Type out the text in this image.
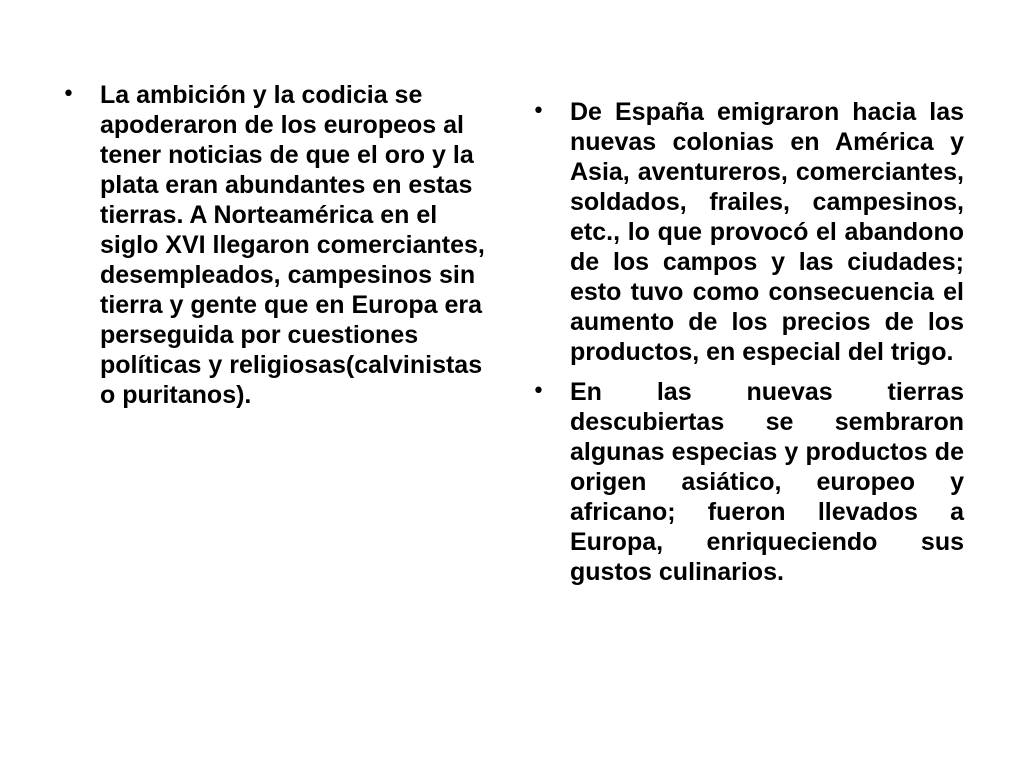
• La ambición y la codicia se apoderaron de los europeos al tener noticias de que el oro y la plata eran abundantes en estas tierras. A Norteamérica en el siglo XVI llegaron comerciantes, desempleados, campesinos sin tierra y gente que en Europa era perseguida por cuestiones políticas y religiosas(calvinistas o puritanos).
• De España emigraron hacia las nuevas colonias en América y Asia, aventureros, comerciantes, soldados, frailes, campesinos, etc., lo que provocó el abandono de los campos y las ciudades; esto tuvo como consecuencia el aumento de los precios de los productos, en especial del trigo.
• En las nuevas tierras descubiertas se sembraron algunas especias y productos de origen asiático, europeo y africano; fueron llevados a Europa, enriqueciendo sus gustos culinarios.
